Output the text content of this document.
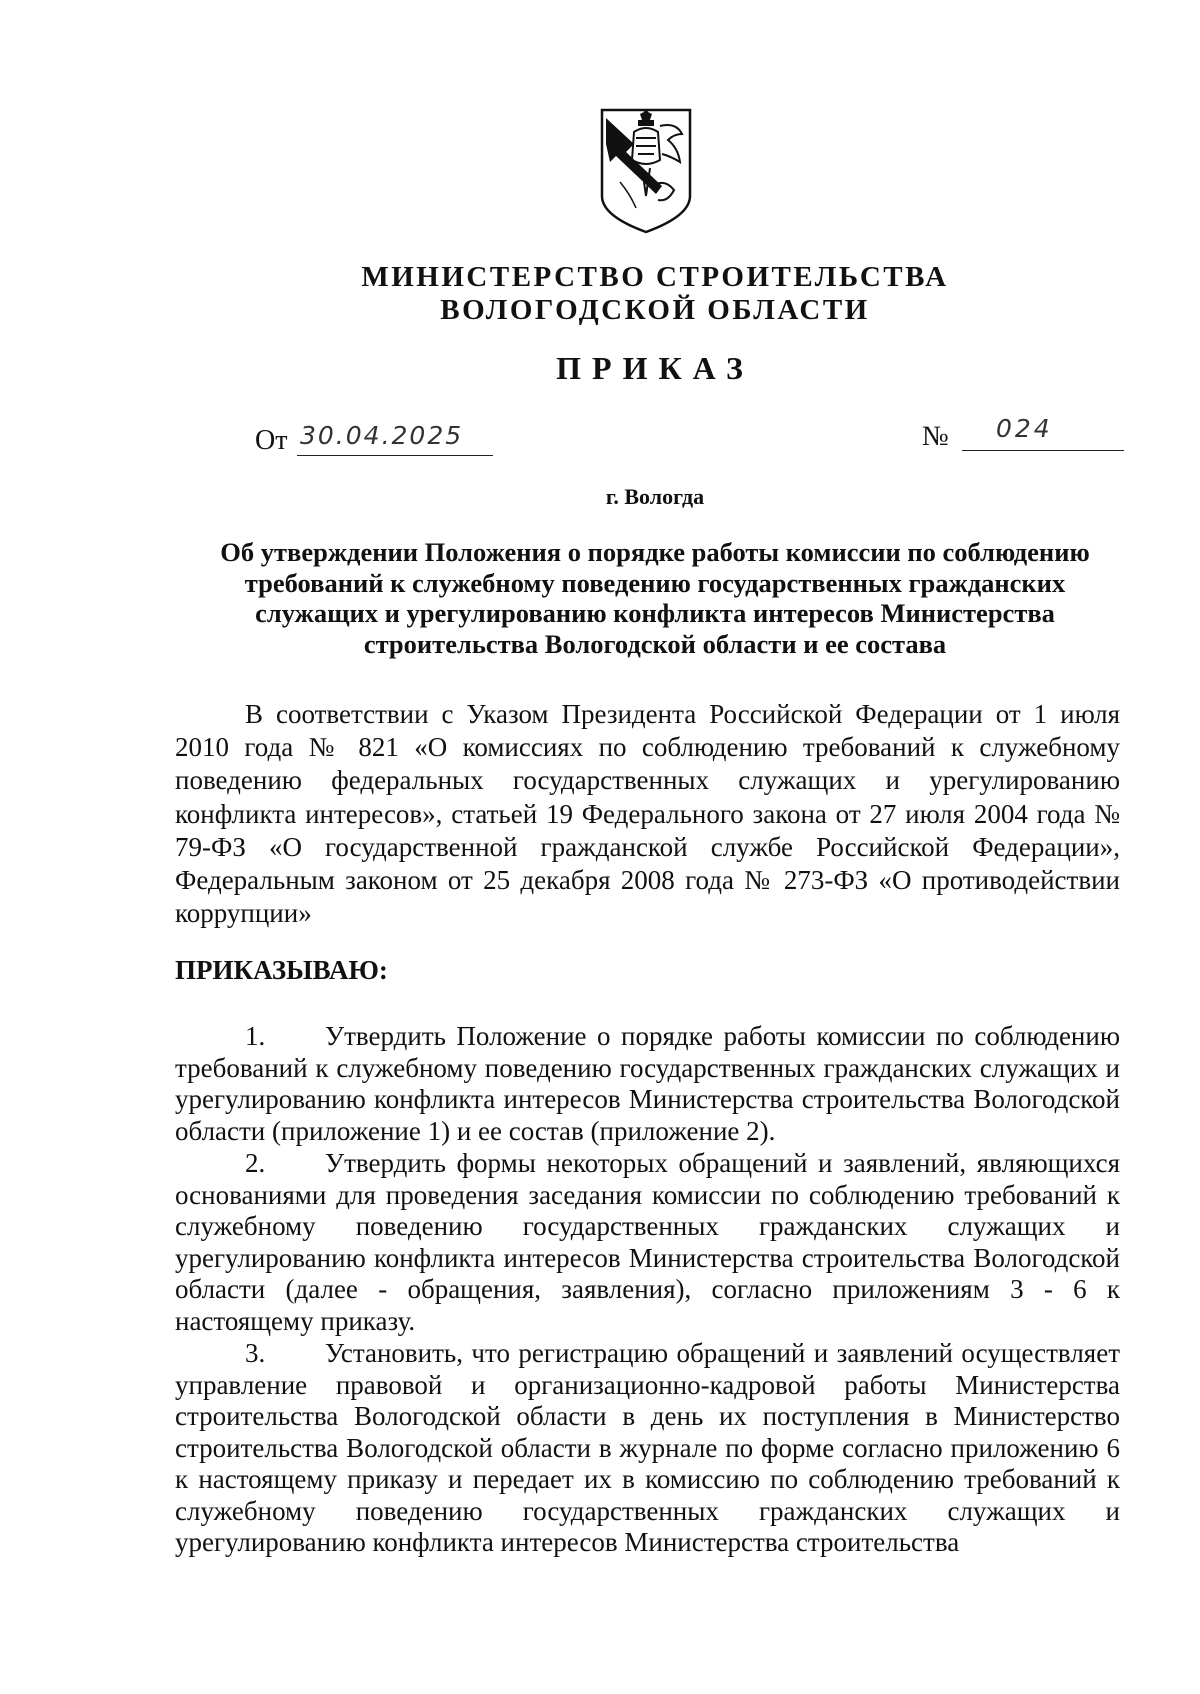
МИНИСТЕРСТВО СТРОИТЕЛЬСТВА
ВОЛОГОДСКОЙ ОБЛАСТИ
ПРИКАЗ
От 30.04.2025	№ 024
г. Вологда
Об утверждении Положения о порядке работы комиссии по соблюдению требований к служебному поведению государственных гражданских служащих и урегулированию конфликта интересов Министерства строительства Вологодской области и ее состава
В соответствии с Указом Президента Российской Федерации от 1 июля 2010 года № 821 «О комиссиях по соблюдению требований к служебному поведению федеральных государственных служащих и урегулированию конфликта интересов», статьей 19 Федерального закона от 27 июля 2004 года № 79-ФЗ «О государственной гражданской службе Российской Федерации», Федеральным законом от 25 декабря 2008 года № 273-ФЗ «О противодействии коррупции»
ПРИКАЗЫВАЮ:
1. Утвердить Положение о порядке работы комиссии по соблюдению требований к служебному поведению государственных гражданских служащих и урегулированию конфликта интересов Министерства строительства Вологодской области (приложение 1) и ее состав (приложение 2).
2. Утвердить формы некоторых обращений и заявлений, являющихся основаниями для проведения заседания комиссии по соблюдению требований к служебному поведению государственных гражданских служащих и урегулированию конфликта интересов Министерства строительства Вологодской области (далее - обращения, заявления), согласно приложениям 3 - 6 к настоящему приказу.
3. Установить, что регистрацию обращений и заявлений осуществляет управление правовой и организационно-кадровой работы Министерства строительства Вологодской области в день их поступления в Министерство строительства Вологодской области в журнале по форме согласно приложению 6 к настоящему приказу и передает их в комиссию по соблюдению требований к служебному поведению государственных гражданских служащих и урегулированию конфликта интересов Министерства строительства
